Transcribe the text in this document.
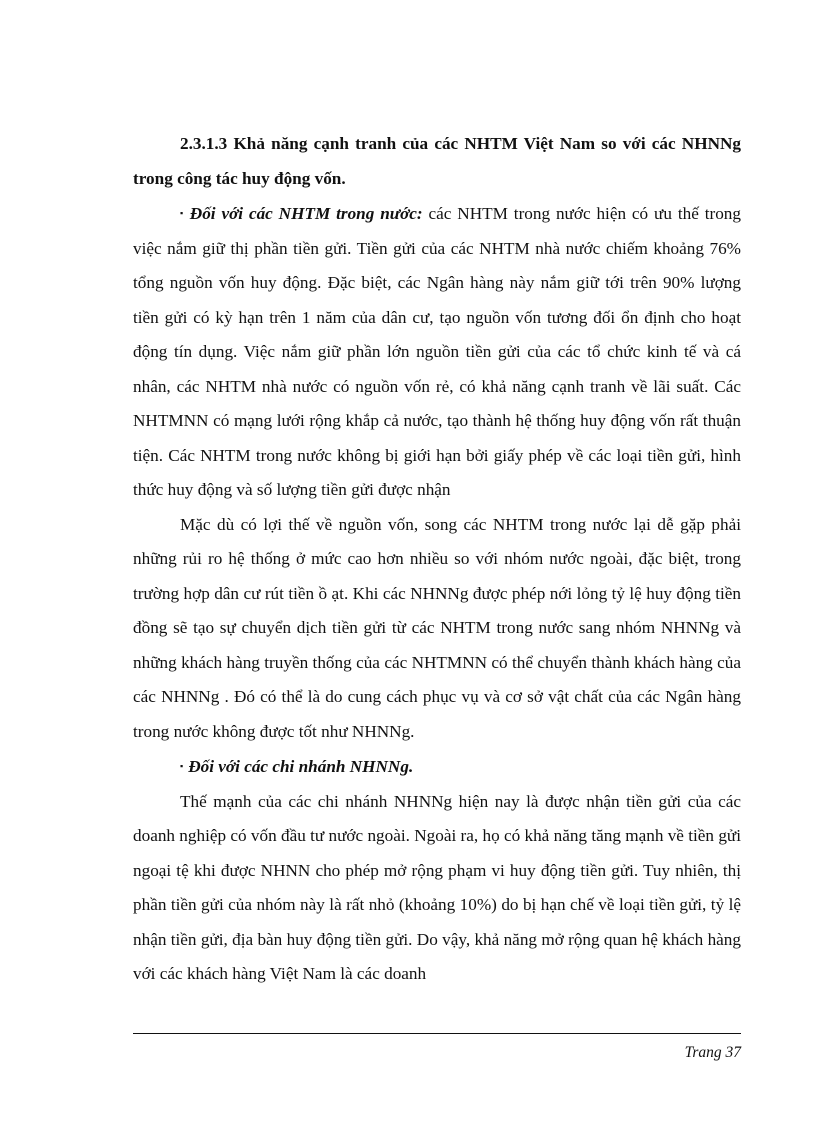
2.3.1.3 Khả năng cạnh tranh của các NHTM Việt Nam so với các NHNNg trong công tác huy động vốn.

▪ Đối với các NHTM trong nước: các NHTM trong nước hiện có ưu thế trong việc nắm giữ thị phần tiền gửi. Tiền gửi của các NHTM nhà nước chiếm khoảng 76% tổng nguồn vốn huy động. Đặc biệt, các Ngân hàng này nắm giữ tới trên 90% lượng tiền gửi có kỳ hạn trên 1 năm của dân cư, tạo nguồn vốn tương đối ổn định cho hoạt động tín dụng. Việc nắm giữ phần lớn nguồn tiền gửi của các tổ chức kinh tế và cá nhân, các NHTM nhà nước có nguồn vốn rẻ, có khả năng cạnh tranh về lãi suất. Các NHTMNN có mạng lưới rộng khắp cả nước, tạo thành hệ thống huy động vốn rất thuận tiện. Các NHTM trong nước không bị giới hạn bởi giấy phép về các loại tiền gửi, hình thức huy động và số lượng tiền gửi được nhận

Mặc dù có lợi thế về nguồn vốn, song các NHTM trong nước lại dễ gặp phải những rủi ro hệ thống ở mức cao hơn nhiều so với nhóm nước ngoài, đặc biệt, trong trường hợp dân cư rút tiền ồ ạt. Khi các NHNNg được phép nới lỏng tỷ lệ huy động tiền đồng sẽ tạo sự chuyển dịch tiền gửi từ các NHTM trong nước sang nhóm NHNNg và những khách hàng truyền thống của các NHTMNN có thể chuyển thành khách hàng của các NHNNg . Đó có thể là do cung cách phục vụ và cơ sở vật chất của các Ngân hàng trong nước không được tốt như NHNNg.

▪ Đối với các chi nhánh NHNNg.

Thế mạnh của các chi nhánh NHNNg hiện nay là được nhận tiền gửi của các doanh nghiệp có vốn đầu tư nước ngoài. Ngoài ra, họ có khả năng tăng mạnh về tiền gửi ngoại tệ khi được NHNN cho phép mở rộng phạm vi huy động tiền gửi. Tuy nhiên, thị phần tiền gửi của nhóm này là rất nhỏ (khoảng 10%) do bị hạn chế về loại tiền gửi, tỷ lệ nhận tiền gửi, địa bàn huy động tiền gửi. Do vậy, khả năng mở rộng quan hệ khách hàng với các khách hàng Việt Nam là các doanh

Trang 37
